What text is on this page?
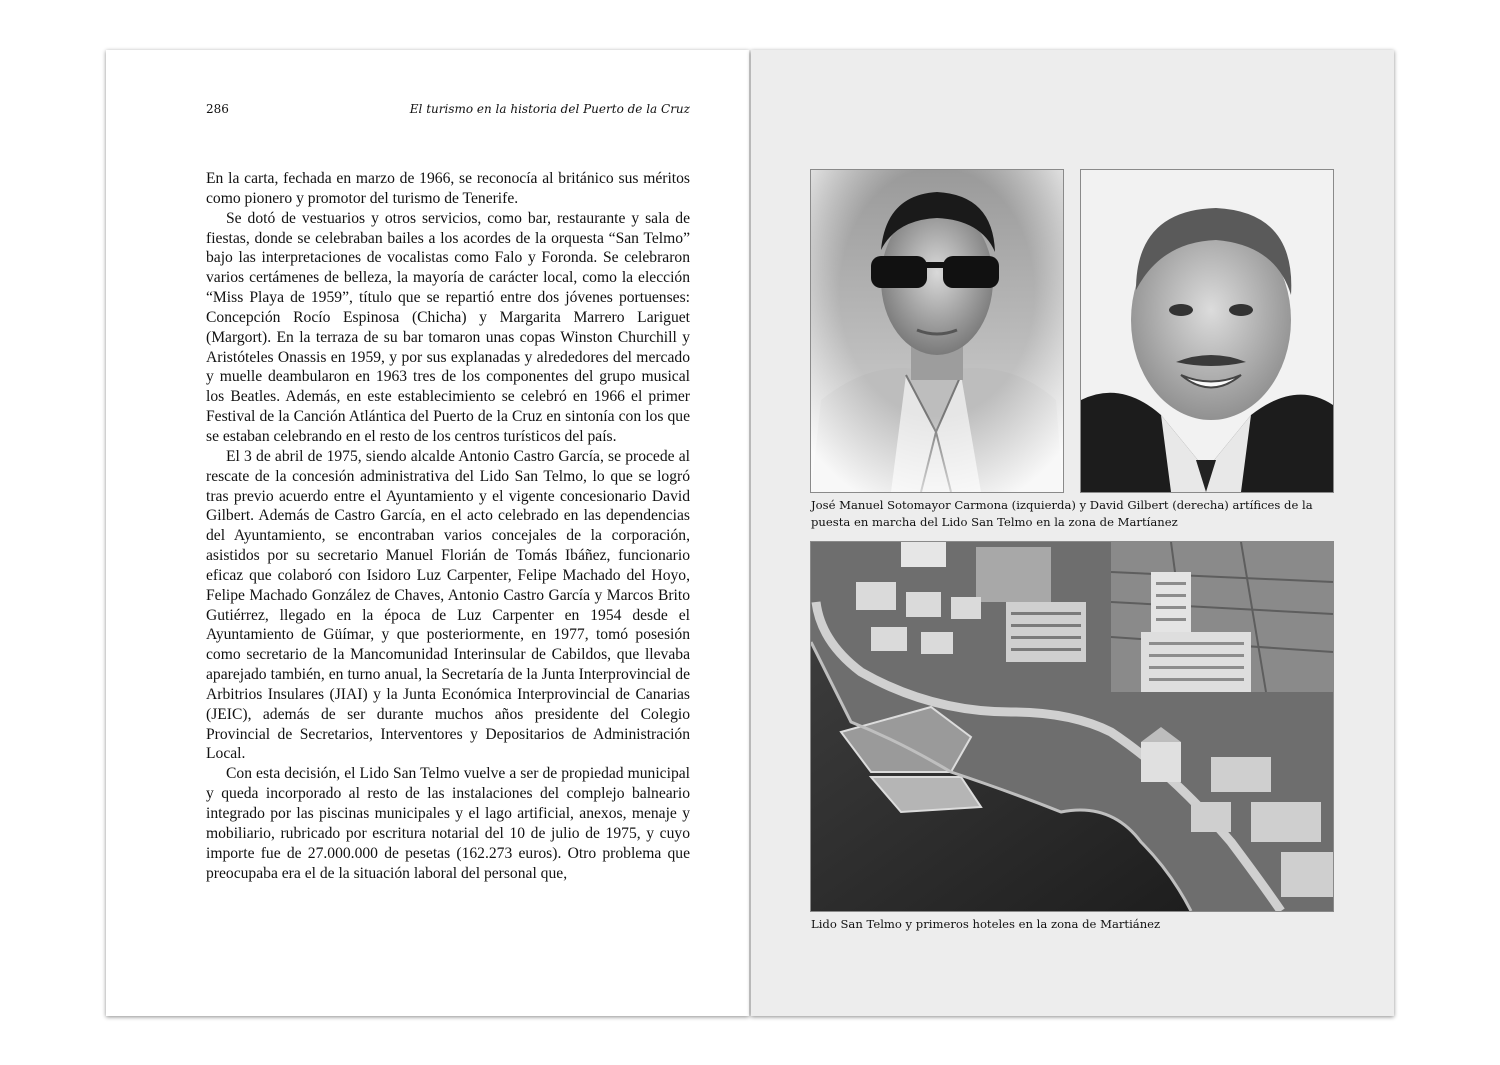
286	El turismo en la historia del Puerto de la Cruz

En la carta, fechada en marzo de 1966, se reconocía al británico sus méritos como pionero y promotor del turismo de Tenerife.

Se dotó de vestuarios y otros servicios, como bar, restaurante y sala de fiestas, donde se celebraban bailes a los acordes de la orquesta “San Telmo” bajo las interpretaciones de vocalistas como Falo y Foronda. Se celebraron varios certámenes de belleza, la mayoría de carácter local, como la elección “Miss Playa de 1959”, título que se repartió entre dos jóvenes portuenses: Concepción Rocío Espinosa (Chicha) y Margarita Marrero Lariguet (Margort). En la terraza de su bar tomaron unas copas Winston Churchill y Aristóteles Onassis en 1959, y por sus explanadas y alrededores del mercado y muelle deambularon en 1963 tres de los componentes del grupo musical los Beatles. Además, en este establecimiento se celebró en 1966 el primer Festival de la Canción Atlántica del Puerto de la Cruz en sintonía con los que se estaban celebrando en el resto de los centros turísticos del país.

El 3 de abril de 1975, siendo alcalde Antonio Castro García, se procede al rescate de la concesión administrativa del Lido San Telmo, lo que se logró tras previo acuerdo entre el Ayuntamiento y el vigente concesionario David Gilbert. Además de Castro García, en el acto celebrado en las dependencias del Ayuntamiento, se encontraban varios concejales de la corporación, asistidos por su secretario Manuel Florián de Tomás Ibáñez, funcionario eficaz que colaboró con Isidoro Luz Carpenter, Felipe Machado del Hoyo, Felipe Machado González de Chaves, Antonio Castro García y Marcos Brito Gutiérrez, llegado en la época de Luz Carpenter en 1954 desde el Ayuntamiento de Güímar, y que posteriormente, en 1977, tomó posesión como secretario de la Mancomunidad Interinsular de Cabildos, que llevaba aparejado también, en turno anual, la Secretaría de la Junta Interprovincial de Arbitrios Insulares (JIAI) y la Junta Económica Interprovincial de Canarias (JEIC), además de ser durante muchos años presidente del Colegio Provincial de Secretarios, Interventores y Depositarios de Administración Local.

Con esta decisión, el Lido San Telmo vuelve a ser de propiedad municipal y queda incorporado al resto de las instalaciones del complejo balneario integrado por las piscinas municipales y el lago artificial, anexos, menaje y mobiliario, rubricado por escritura notarial del 10 de julio de 1975, y cuyo importe fue de 27.000.000 de pesetas (162.273 euros). Otro problema que preocupaba era el de la situación laboral del personal que,

José Manuel Sotomayor Carmona (izquierda) y David Gilbert (derecha) artífices de la puesta en marcha del Lido San Telmo en la zona de Martíanez
Lido San Telmo y primeros hoteles en la zona de Martiánez
